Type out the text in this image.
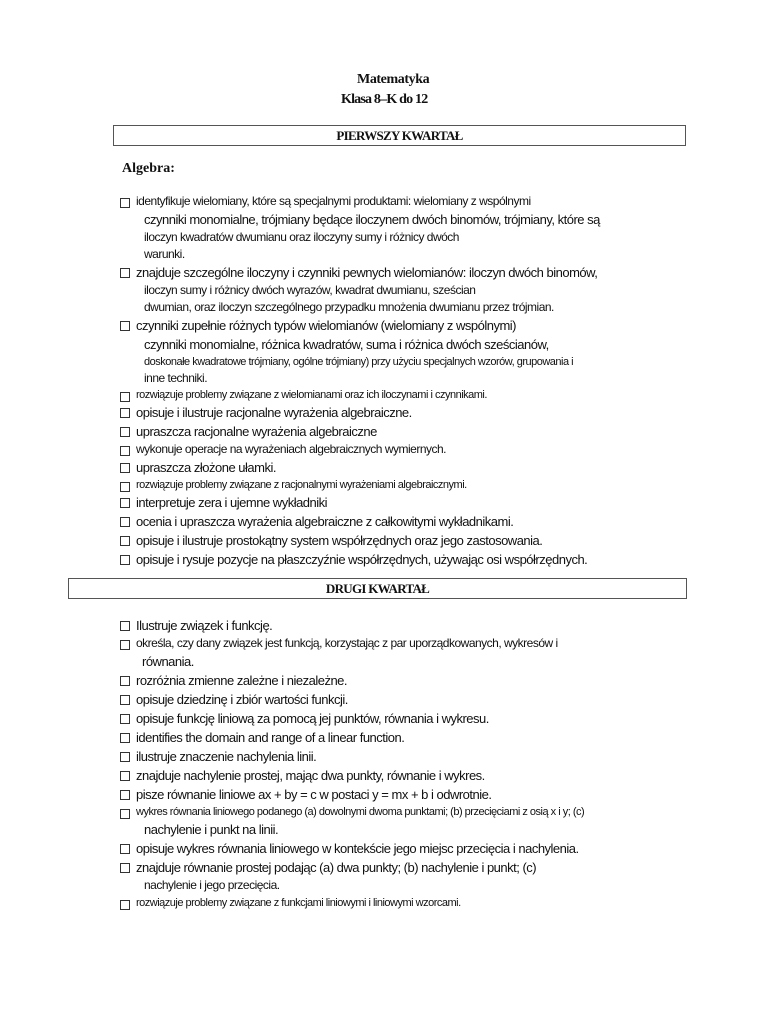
Matematyka
Klasa 8–K do 12
PIERWSZY KWARTAŁ
Algebra:
identyfikuje wielomiany, które są specjalnymi produktami: wielomiany z wspólnymi
czynniki monomialne, trójmiany będące iloczynem dwóch binomów, trójmiany, które są
iloczyn kwadratów dwumianu oraz iloczyny sumy i różnicy dwóch
warunki.
znajduje szczególne iloczyny i czynniki pewnych wielomianów: iloczyn dwóch binomów,
iloczyn sumy i różnicy dwóch wyrazów, kwadrat dwumianu, sześcian
dwumian, oraz iloczyn szczególnego przypadku mnożenia dwumianu przez trójmian.
czynniki zupełnie różnych typów wielomianów (wielomiany z wspólnymi)
czynniki monomialne, różnica kwadratów, suma i różnica dwóch sześcianów,
doskonałe kwadratowe trójmiany, ogólne trójmiany) przy użyciu specjalnych wzorów, grupowania i
inne techniki.
rozwiązuje problemy związane z wielomianami oraz ich iloczynami i czynnikami.
opisuje i ilustruje racjonalne wyrażenia algebraiczne.
upraszcza racjonalne wyrażenia algebraiczne
wykonuje operacje na wyrażeniach algebraicznych wymiernych.
upraszcza złożone ułamki.
rozwiązuje problemy związane z racjonalnymi wyrażeniami algebraicznymi.
interpretuje zera i ujemne wykładniki
ocenia i upraszcza wyrażenia algebraiczne z całkowitymi wykładnikami.
opisuje i ilustruje prostokątny system współrzędnych oraz jego zastosowania.
opisuje i rysuje pozycje na płaszczyźnie współrzędnych, używając osi współrzędnych.
DRUGI KWARTAŁ
Ilustruje związek i funkcję.
określa, czy dany związek jest funkcją, korzystając z par uporządkowanych, wykresów i
równania.
rozróżnia zmienne zależne i niezależne.
opisuje dziedzinę i zbiór wartości funkcji.
opisuje funkcję liniową za pomocą jej punktów, równania i wykresu.
identifies the domain and range of a linear function.
ilustruje znaczenie nachylenia linii.
znajduje nachylenie prostej, mając dwa punkty, równanie i wykres.
pisze równanie liniowe ax + by = c w postaci y = mx + b i odwrotnie.
wykres równania liniowego podanego (a) dowolnymi dwoma punktami; (b) przecięciami z osią x i y; (c)
nachylenie i punkt na linii.
opisuje wykres równania liniowego w kontekście jego miejsc przecięcia i nachylenia.
znajduje równanie prostej podając (a) dwa punkty; (b) nachylenie i punkt; (c)
nachylenie i jego przecięcia.
rozwiązuje problemy związane z funkcjami liniowymi i liniowymi wzorcami.
